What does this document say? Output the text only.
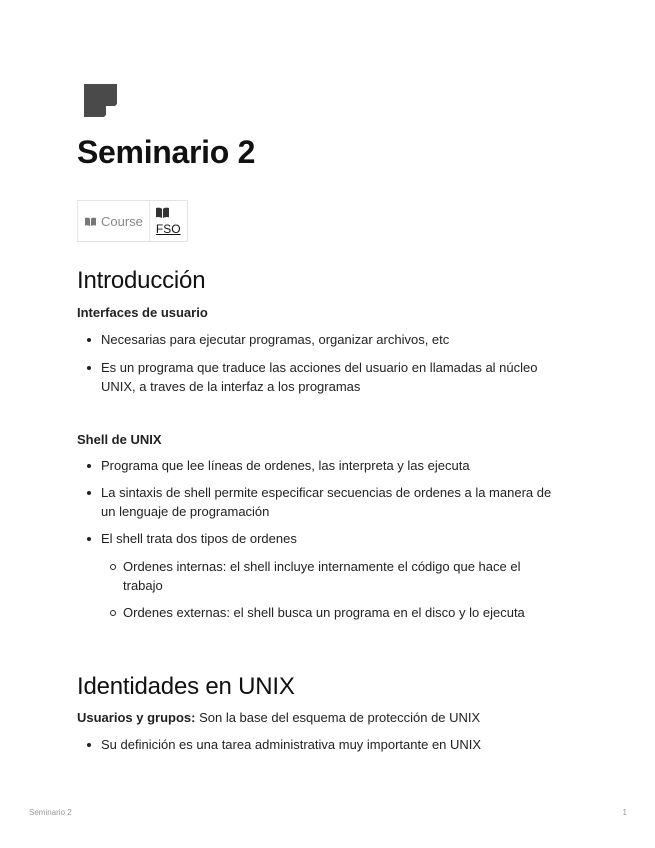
Seminario 2
Course FSO
Introducción
Interfaces de usuario
Necesarias para ejecutar programas, organizar archivos, etc
Es un programa que traduce las acciones del usuario en llamadas al núcleo
UNIX, a traves de la interfaz a los programas
Shell de UNIX
Programa que lee líneas de ordenes, las interpreta y las ejecuta
La sintaxis de shell permite especificar secuencias de ordenes a la manera de
un lenguaje de programación
El shell trata dos tipos de ordenes
Ordenes internas: el shell incluye internamente el código que hace el
trabajo
Ordenes externas: el shell busca un programa en el disco y lo ejecuta
Identidades en UNIX
Usuarios y grupos: Son la base del esquema de protección de UNIX
Su definición es una tarea administrativa muy importante en UNIX
Seminario 2	1
